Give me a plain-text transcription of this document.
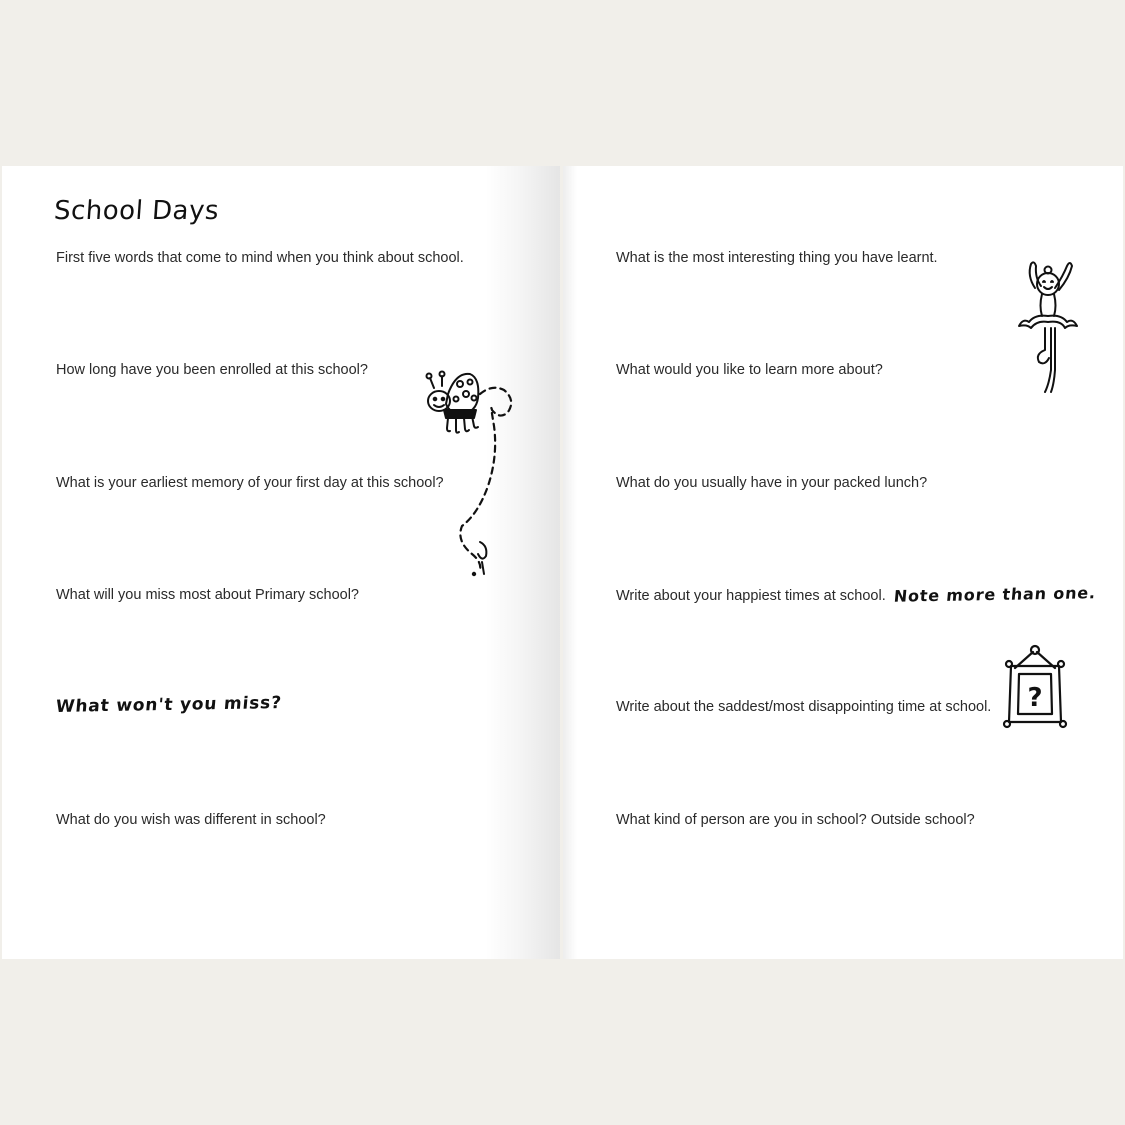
School Days
First five words that come to mind when you think about school.
How long have you been enrolled at this school?
What is your earliest memory of your first day at this school?
What will you miss most about Primary school?
What won't you miss?
What do you wish was different in school?
What is the most interesting thing you have learnt.
What would you like to learn more about?
What do you usually have in your packed lunch?
Write about your happiest times at school. Note more than one.
Write about the saddest/most disappointing time at school.
What kind of person are you in school? Outside school?
?
